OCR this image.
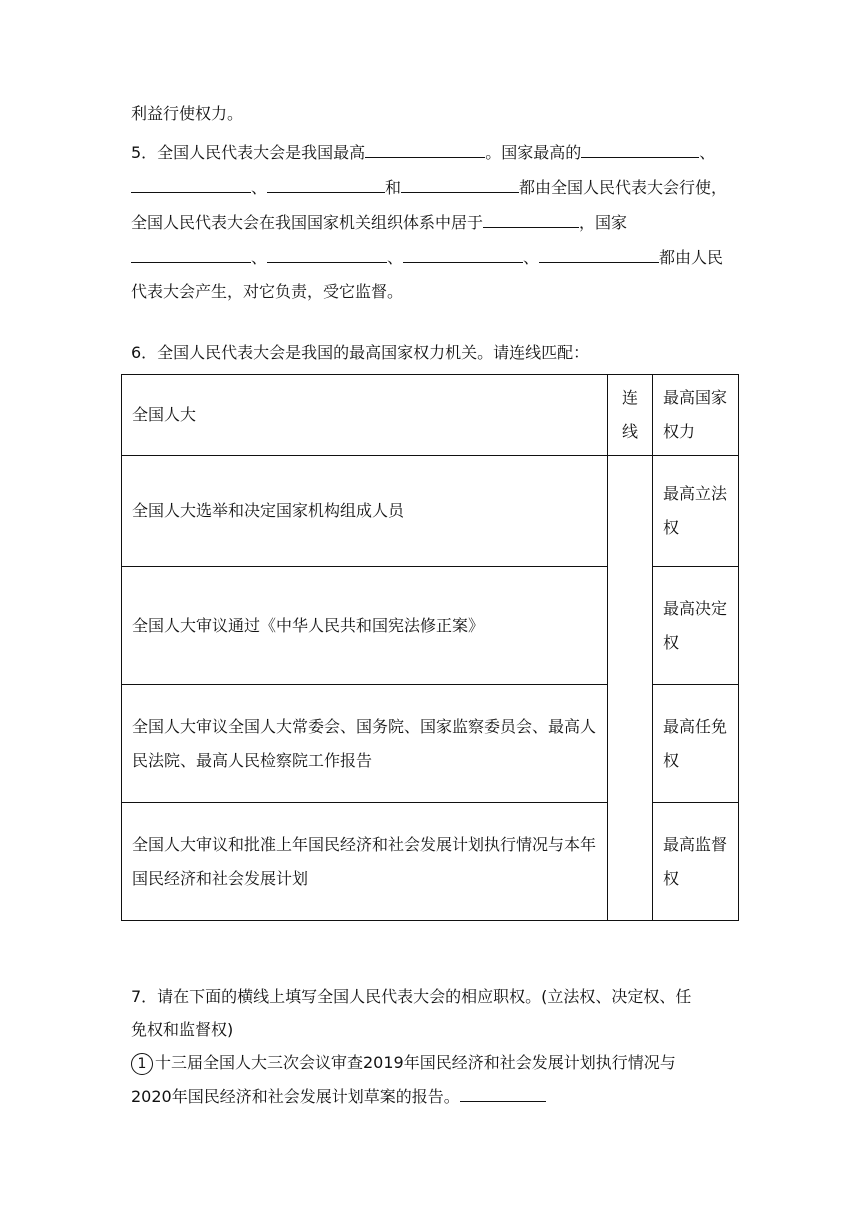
利益行使权力。
5．全国人民代表大会是我国最高	。国家最高的	、
、	和	都由全国人民代表大会行使，
全国人民代表大会在我国国家机关组织体系中居于	，国家
、	、	、	都由人民
代表大会产生，对它负责，受它监督。
6．全国人民代表大会是我国的最高国家权力机关。请连线匹配：
全国人大	连线	最高国家权力
全国人大选举和决定国家机构组成人员		最高立法权
全国人大审议通过《中华人民共和国宪法修正案》		最高决定权
全国人大审议全国人大常委会、国务院、国家监察委员会、最高人民法院、最高人民检察院工作报告		最高任免权
全国人大审议和批准上年国民经济和社会发展计划执行情况与本年国民经济和社会发展计划		最高监督权
7．请在下面的横线上填写全国人民代表大会的相应职权。(立法权、决定权、任
免权和监督权)
1 十三届全国人大三次会议审查2019年国民经济和社会发展计划执行情况与
2020年国民经济和社会发展计划草案的报告。
